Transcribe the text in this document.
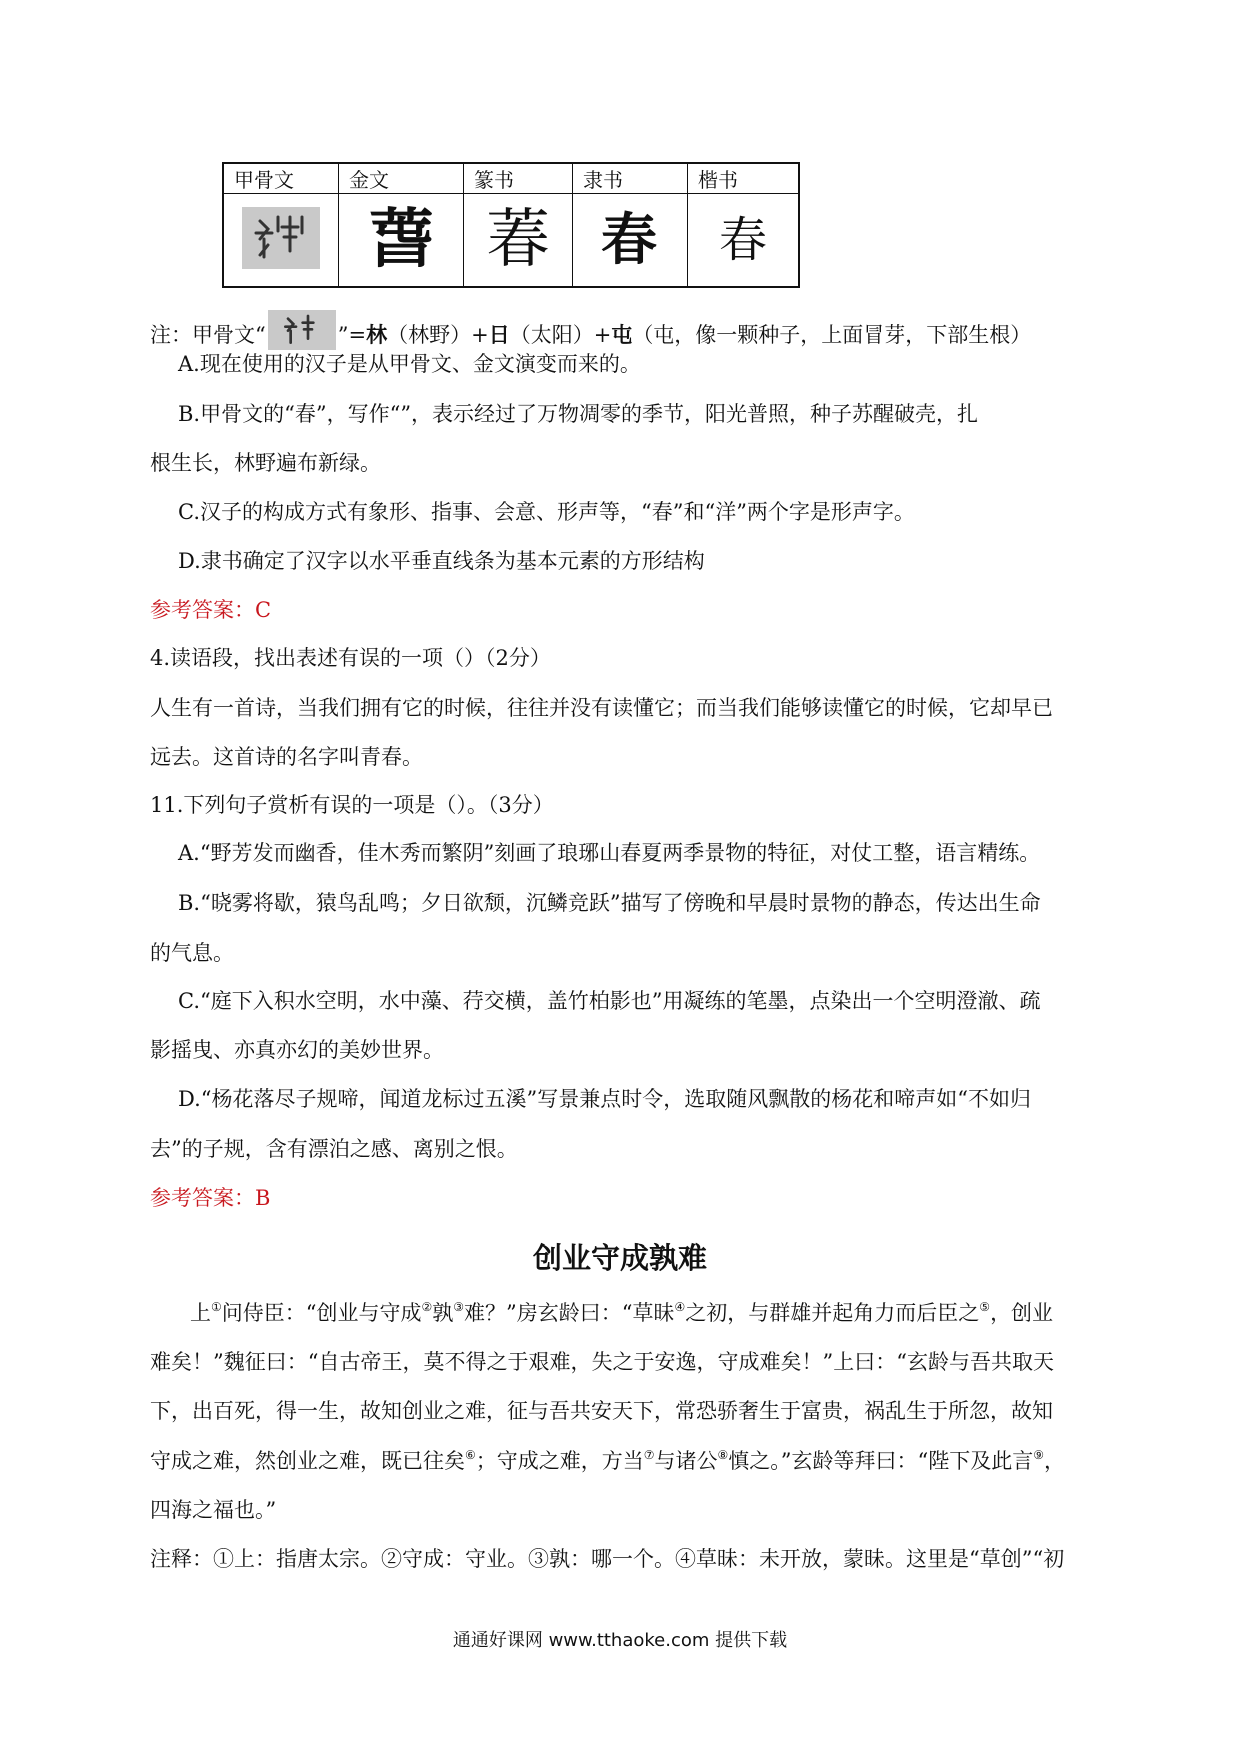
甲骨文	金文	篆书	隶书	楷书

	萅	萶	春	春
注：甲骨文“	”=林（林野）+日（太阳）+屯（屯，像一颗种子，上面冒芽，下部生根）
A.现在使用的汉子是从甲骨文、金文演变而来的。
B.甲骨文的“春”，写作“”，表示经过了万物凋零的季节，阳光普照，种子苏醒破壳，扎
根生长，林野遍布新绿。
C.汉子的构成方式有象形、指事、会意、形声等，“春”和“洋”两个字是形声字。
D.隶书确定了汉字以水平垂直线条为基本元素的方形结构
参考答案：C
4.读语段，找出表述有误的一项（）（2分）
人生有一首诗，当我们拥有它的时候，往往并没有读懂它；而当我们能够读懂它的时候，它却早已
远去。这首诗的名字叫青春。
11.下列句子赏析有误的一项是（）。（3分）
A.“野芳发而幽香，佳木秀而繁阴”刻画了琅琊山春夏两季景物的特征，对仗工整，语言精练。
B.“晓雾将歇，猿鸟乱鸣；夕日欲颓，沉鳞竞跃”描写了傍晚和早晨时景物的静态，传达出生命
的气息。
C.“庭下入积水空明，水中藻、荇交横，盖竹柏影也”用凝练的笔墨，点染出一个空明澄澈、疏
影摇曳、亦真亦幻的美妙世界。
D.“杨花落尽子规啼，闻道龙标过五溪”写景兼点时令，选取随风飘散的杨花和啼声如“不如归
去”的子规，含有漂泊之感、离别之恨。
参考答案：B
创业守成孰难
上①问侍臣：“创业与守成②孰③难？”房玄龄曰：“草昧④之初，与群雄并起角力而后臣之⑤，创业
难矣！”魏征曰：“自古帝王，莫不得之于艰难，失之于安逸，守成难矣！”上曰：“玄龄与吾共取天
下，出百死，得一生，故知创业之难，征与吾共安天下，常恐骄奢生于富贵，祸乱生于所忽，故知
守成之难，然创业之难，既已往矣⑥；守成之难，方当⑦与诸公⑧慎之。”玄龄等拜曰：“陛下及此言⑨，
四海之福也。”
注释：①上：指唐太宗。②守成：守业。③孰：哪一个。④草昧：未开放，蒙昧。这里是“草创”“初
通通好课网 www.tthaoke.com 提供下载
